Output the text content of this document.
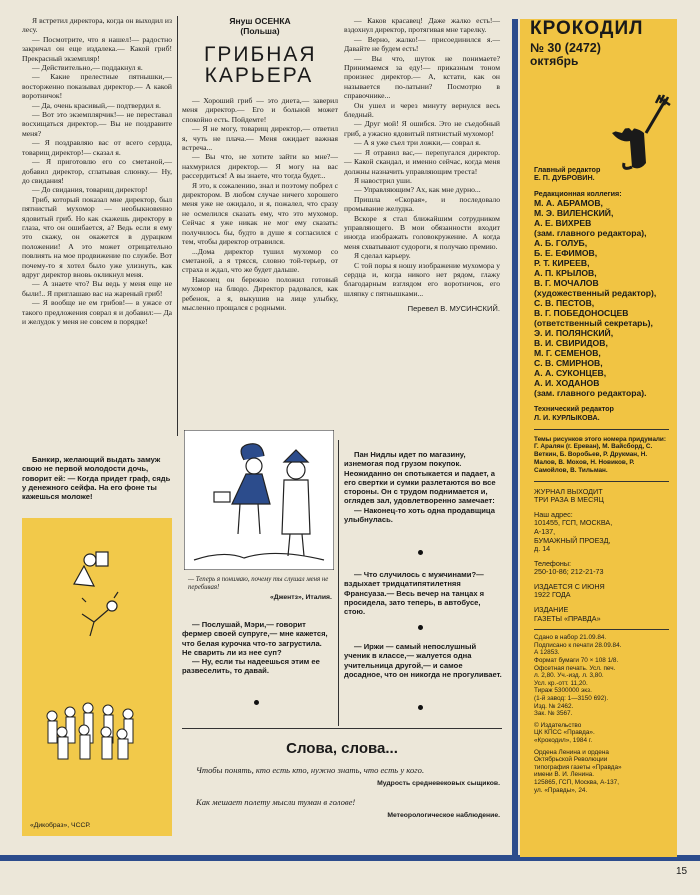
Я встретил директора, когда он выходил из лесу.

— Посмотрите, что я нашел!— радостно закричал он еще издалека.— Какой гриб! Прекрасный экземпляр!

— Действительно,— поддакнул я.

— Какие прелестные пятнышки,— восторженно показывал директор.— А какой воротничок!

— Да, очень красивый,— подтвердил я.

— Вот это экземплярчик!— не переставал восхищаться директор.— Вы не поздравите меня?

— Я поздравляю вас от всего сердца, товарищ директор!— сказал я.

— Я приготовлю его со сметаной,— добавил директор, сглатывая слюнку.— Ну, до свидания!

— До свидания, товарищ директор!

Гриб, который показал мне директор, был пятнистый мухомор — необыкновенно ядовитый гриб. Но как скажешь директору в глаза, что он ошибается, а? Ведь если я ему это скажу, он окажется в дурацком положении! А это может отрицательно повлиять на мое продвижение по службе. Вот почему-то я хотел было уже улизнуть, как вдруг директор вновь окликнул меня.

— А знаете что? Вы ведь у меня еще не были!.. Я приглашаю вас на жареный гриб!

— Я вообще не ем грибов!— в ужасе от такого предложения соврал я и добавил:— Да и желудок у меня не совсем в порядке!

Януш ОСЕНКА
(Польша)
ГРИБНАЯ КАРЬЕРА

— Хороший гриб — это диета,— заверил меня директор.— Его и больной может спокойно есть. Пойдемте!

— Я не могу, товарищ директор,— ответил я, чуть не плача.— Меня ожидает важная встреча...

— Вы что, не хотите зайти ко мне?— нахмурился директор.— Я могу на вас рассердиться! А вы знаете, что тогда будет...

Я это, к сожалению, знал и поэтому побрел с директором. В любом случае ничего хорошего меня уже не ожидало, и я, пожалел, что сразу не осмелился сказать ему, что это мухомор. Сейчас я уже никак не мог ему сказать: получилось бы, будто в душе я согласился с тем, чтобы директор отравился.

...Дома директор тушил мухомор со сметаной, а я трясся, словно той-терьер, от страха и ждал, что же будет дальше.

Наконец он бережно положил готовый мухомор на блюдо. Директор радовался, как ребенок, а я, выкушив на лице улыбку, мысленно прощался с родными.

— Каков красавец! Даже жалко есть!— вздохнул директор, протягивая мне тарелку.

— Верно, жалко!— присоединился я.— Давайте не будем есть!

— Вы что, шуток не понимаете? Принимаемся за еду!— приказным тоном произнес директор.— А, кстати, как он называется по-латыни? Посмотрю в справочнике...

Он ушел и через минуту вернулся весь бледный.

— Друг мой! Я ошибся. Это не съедобный гриб, а ужасно ядовитый пятнистый мухомор!

— А я уже съел три ложки,— соврал я.

— Я отравил вас,— перепугался директор.— Какой скандал, и именно сейчас, когда меня должны назначить управляющим треста!

Я навострил уши.

— Управляющим? Ах, как мне дурно...

Пришла «Скорая», и последовало промывание желудка.

Вскоре я стал ближайшим сотрудником управляющего. В мои обязанности входит иногда изображать головокружение. А когда меня схватывают судороги, я получаю премию.

Я сделал карьеру.

С той поры я ношу изображение мухомора у сердца и, когда никого нет рядом, глажу благодарным взглядом его воротничок, его шляпку с пятнышками...

Перевел В. МУСИНСКИЙ.
КРОКОДИЛ
№ 30 (2472)
октябрь
Главный редактор
Е. П. ДУБРОВИН.
Редакционная коллегия:
М. А. АБРАМОВ,
М. Э. ВИЛЕНСКИЙ,
А. Е. ВИХРЕВ
(зам. главного редактора),
А. Б. ГОЛУБ,
Б. Е. ЕФИМОВ,
Р. Т. КИРЕЕВ,
А. П. КРЫЛОВ,
В. Г. МОЧАЛОВ
(художественный редактор),
С. В. ПЕСТОВ,
В. Г. ПОБЕДОНОСЦЕВ
(ответственный секретарь),
Э. И. ПОЛЯНСКИЙ,
В. И. СВИРИДОВ,
М. Г. СЕМЕНОВ,
С. В. СМИРНОВ,
А. А. СУКОНЦЕВ,
А. И. ХОДАНОВ
(зам. главного редактора).
Технический редактор
Л. И. КУРЛЫКОВА.
Темы рисунков этого номера придумали: Г. Аралян (г. Ереван), М. Вайсборд, С. Веткин, Б. Воробьев, Р. Друкман, Н. Малов, В. Мохов, Н. Новиков, Р. Самойлов, В. Тильман.
ЖУРНАЛ ВЫХОДИТ
ТРИ РАЗА В МЕСЯЦ
Наш адрес:
101455, ГСП, МОСКВА,
А-137,
БУМАЖНЫЙ ПРОЕЗД,
д. 14
Телефоны:
250-10-86; 212-21-73
ИЗДАЕТСЯ С ИЮНЯ
1922 ГОДА
ИЗДАНИЕ
ГАЗЕТЫ «ПРАВДА»
Сдано в набор 21.09.84.
Подписано к печати 28.09.84.
А 12853.
Формат бумаги 70 × 108 1/8.
Офсетная печать. Усл. печ.
л. 2,80. Уч.-изд. л. 3,80.
Усл. кр.-отт. 11,20.
Тираж 5300000 экз.
(1-й завод: 1—3150 692).
Изд. № 2462.
Зак. № 3567.
© Издательство
ЦК КПСС «Правда».
«Крокодил», 1984 г.
Ордена Ленина и ордена
Октябрьской Революции
типография газеты «Правда»
имени В. И. Ленина.
125865, ГСП, Москва, А-137,
ул. «Правды», 24.

Банкир, желающий выдать замуж свою не первой молодости дочь, говорит ей: — Когда придет граф, сядь у денежного сейфа. На его фоне ты кажешься моложе!

«Дикобраз», ЧССР.
— Теперь я понимаю, почему ты слушал меня не перебивая!
«Джентз», Италия.

— Послушай, Мэри,— говорит фермер своей супруге,— мне кажется, что белая курочка что-то загрустила. Не сварить ли из нее суп?

— Ну, если ты надеешься этим ее развеселить, то давай.

Пан Нидлы идет по магазину, изнемогая под грузом покупок. Неожиданно он спотыкается и падает, а его свертки и сумки разлетаются во все стороны. Он с трудом поднимается и, оглядев зал, удовлетворенно замечает:

— Наконец-то хоть одна продавщица улыбнулась.

— Что случилось с мужчинами?— вздыхает тридцатипятилетняя Франсуаза.— Весь вечер на танцах я просидела, зато теперь, в автобусе, стою.

— Иржи — самый непослушный ученик в классе,— жалуется одна учительница другой,— и самое досадное, что он никогда не прогуливает.

Слова, слова...

Чтобы понять, кто есть кто, нужно знать, что есть у кого.

Мудрость средневековых сыщиков.

Как мешает полету мысли туман в голове!

Метеорологическое наблюдение.

15
